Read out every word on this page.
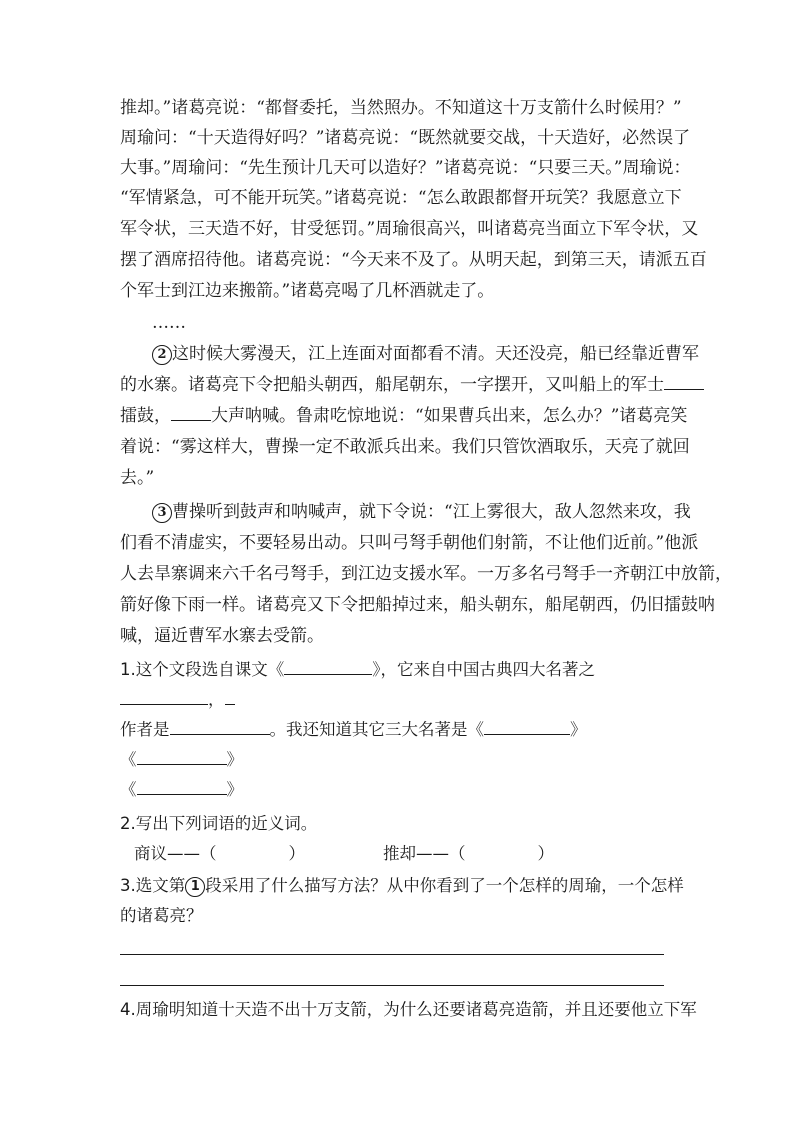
推却。”诸葛亮说：“都督委托，当然照办。不知道这十万支箭什么时候用？”
周瑜问：“十天造得好吗？”诸葛亮说：“既然就要交战，十天造好，必然误了
大事。”周瑜问：“先生预计几天可以造好？”诸葛亮说：“只要三天。”周瑜说：
“军情紧急，可不能开玩笑。”诸葛亮说：“怎么敢跟都督开玩笑？我愿意立下
军令状，三天造不好，甘受惩罚。”周瑜很高兴，叫诸葛亮当面立下军令状，又
摆了酒席招待他。诸葛亮说：“今天来不及了。从明天起，到第三天，请派五百
个军士到江边来搬箭。”诸葛亮喝了几杯酒就走了。
……
2 这时候大雾漫天，江上连面对面都看不清。天还没亮，船已经靠近曹军
的水寨。诸葛亮下令把船头朝西，船尾朝东，一字摆开，又叫船上的军士
擂鼓， 大声呐喊。鲁肃吃惊地说：“如果曹兵出来，怎么办？”诸葛亮笑
着说：“雾这样大，曹操一定不敢派兵出来。我们只管饮酒取乐，天亮了就回
去。”
3 曹操听到鼓声和呐喊声，就下令说：“江上雾很大，敌人忽然来攻，我
们看不清虚实，不要轻易出动。只叫弓弩手朝他们射箭，不让他们近前。”他派
人去旱寨调来六千名弓弩手，到江边支援水军。一万多名弓弩手一齐朝江中放箭，
箭好像下雨一样。诸葛亮又下令把船掉过来，船头朝东，船尾朝西，仍旧擂鼓呐
喊，逼近曹军水寨去受箭。
1.这个文段选自课文《	》，它来自中国古典四大名著之
，
作者是	。我还知道其它三大名著是《	》
《	》
《	》
2.写出下列词语的近义词。
商议——（	）	推却——（	）
3.选文第 1 段采用了什么描写方法？从中你看到了一个怎样的周瑜，一个怎样
的诸葛亮？
4.周瑜明知道十天造不出十万支箭，为什么还要诸葛亮造箭，并且还要他立下军
